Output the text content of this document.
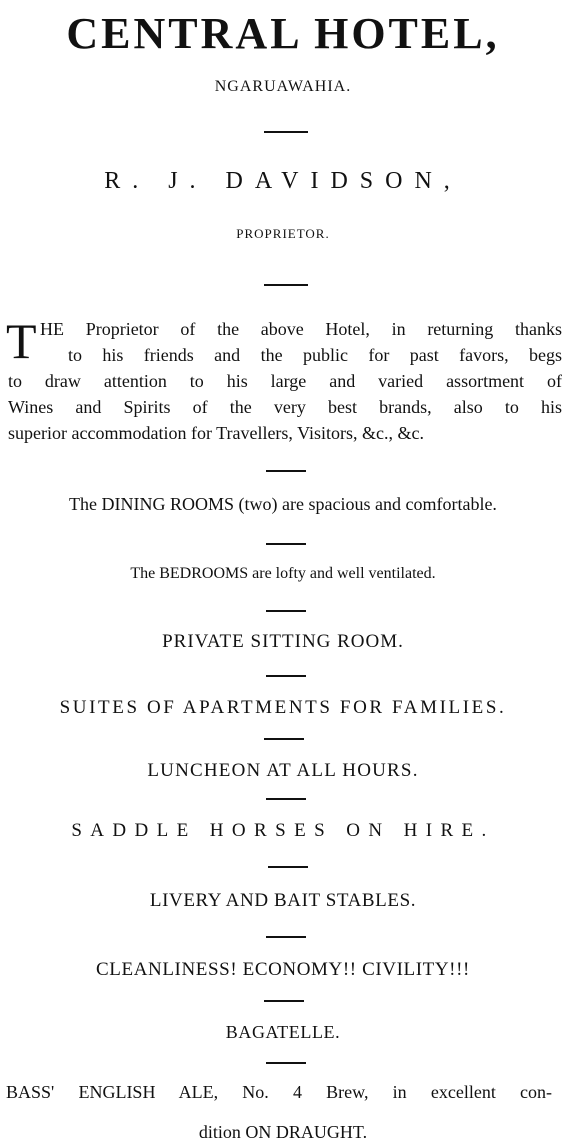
CENTRAL HOTEL,
NGARUAWAHIA.
R. J. DAVIDSON,
PROPRIETOR.
T HE Proprietor of the above Hotel, in returning thanks
to his friends and the public for past favors, begs
to draw attention to his large and varied assortment of
Wines and Spirits of the very best brands, also to his
superior accommodation for Travellers, Visitors, &c., &c.
The DINING ROOMS (two) are spacious and comfortable.
The BEDROOMS are lofty and well ventilated.
PRIVATE SITTING ROOM.
SUITES OF APARTMENTS FOR FAMILIES.
LUNCHEON AT ALL HOURS.
SADDLE HORSES ON HIRE.
LIVERY AND BAIT STABLES.
CLEANLINESS! ECONOMY!! CIVILITY!!!
BAGATELLE.
BASS' ENGLISH ALE, No. 4 Brew, in excellent con-
dition ON DRAUGHT.
